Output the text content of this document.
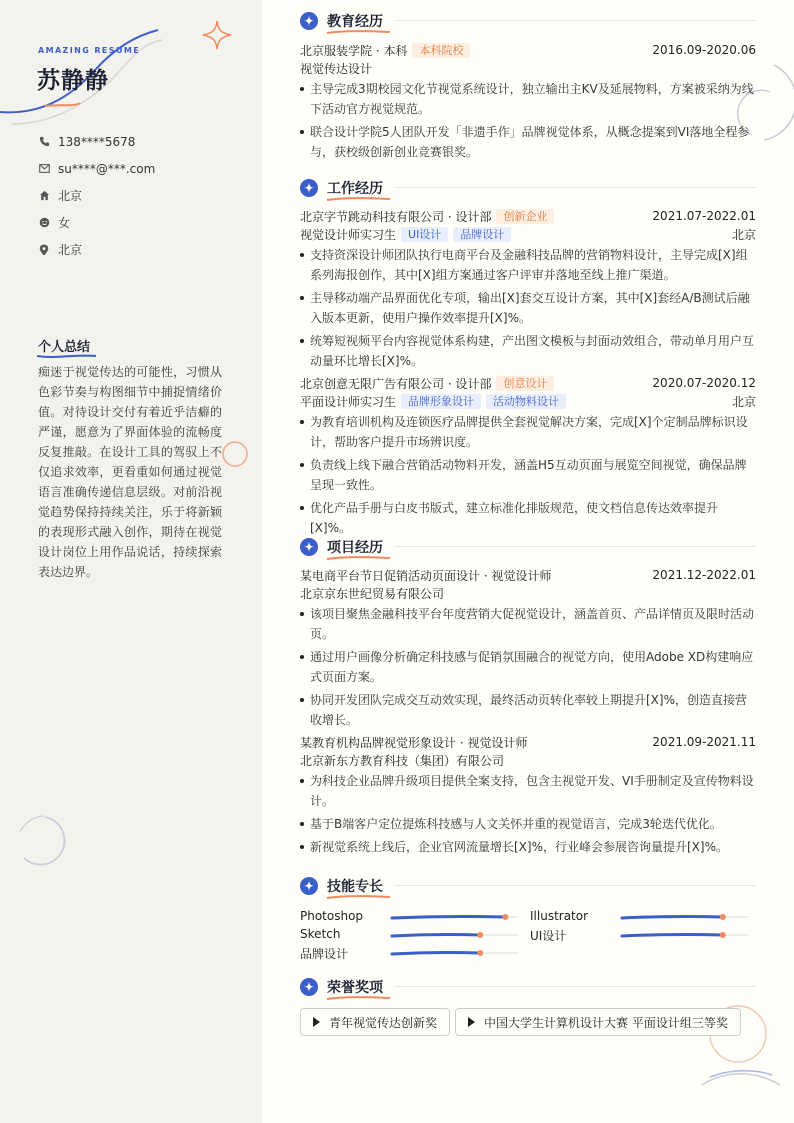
AMAZING RESUME
苏静静
138****5678
su****@***.com
北京
女
北京
个人总结
痴迷于视觉传达的可能性，习惯从色彩节奏与构图细节中捕捉情绪价值。对待设计交付有着近乎洁癖的严谨，愿意为了界面体验的流畅度反复推敲。在设计工具的驾驭上不仅追求效率，更看重如何通过视觉语言准确传递信息层级。对前沿视觉趋势保持持续关注，乐于将新颖的表现形式融入创作，期待在视觉设计岗位上用作品说话，持续探索表达边界。
教育经历
北京服装学院 · 本科	本科院校	2016.09-2020.06
视觉传达设计
主导完成3期校园文化节视觉系统设计，独立输出主KV及延展物料，方案被采纳为线下活动官方视觉规范。
联合设计学院5人团队开发「非遗手作」品牌视觉体系，从概念提案到VI落地全程参与，获校级创新创业竞赛银奖。
工作经历
北京字节跳动科技有限公司 · 设计部	创新企业	2021.07-2022.01
视觉设计师实习生	UI设计	品牌设计	北京
支持资深设计师团队执行电商平台及金融科技品牌的营销物料设计，主导完成[X]组系列海报创作，其中[X]组方案通过客户评审并落地至线上推广渠道。
主导移动端产品界面优化专项，输出[X]套交互设计方案，其中[X]套经A/B测试后融入版本更新，使用户操作效率提升[X]%。
统筹短视频平台内容视觉体系构建，产出图文模板与封面动效组合，带动单月用户互动量环比增长[X]%。
北京创意无限广告有限公司 · 设计部	创意设计	2020.07-2020.12
平面设计师实习生	品牌形象设计	活动物料设计	北京
为教育培训机构及连锁医疗品牌提供全套视觉解决方案，完成[X]个定制品牌标识设计，帮助客户提升市场辨识度。
负责线上线下融合营销活动物料开发，涵盖H5互动页面与展览空间视觉，确保品牌呈现一致性。
优化产品手册与白皮书版式，建立标准化排版规范，使文档信息传达效率提升[X]%。
项目经历
某电商平台节日促销活动页面设计 · 视觉设计师	2021.12-2022.01
北京京东世纪贸易有限公司
该项目聚焦金融科技平台年度营销大促视觉设计，涵盖首页、产品详情页及限时活动页。
通过用户画像分析确定科技感与促销氛围融合的视觉方向，使用Adobe XD构建响应式页面方案。
协同开发团队完成交互动效实现，最终活动页转化率较上期提升[X]%，创造直接营收增长。
某教育机构品牌视觉形象设计 · 视觉设计师	2021.09-2021.11
北京新东方教育科技（集团）有限公司
为科技企业品牌升级项目提供全案支持，包含主视觉开发、VI手册制定及宣传物料设计。
基于B端客户定位提炼科技感与人文关怀并重的视觉语言，完成3轮迭代优化。
新视觉系统上线后，企业官网流量增长[X]%，行业峰会参展咨询量提升[X]%。
技能专长
Photoshop	Illustrator
Sketch	UI设计
品牌设计
荣誉奖项
青年视觉传达创新奖	中国大学生计算机设计大赛 平面设计组三等奖
